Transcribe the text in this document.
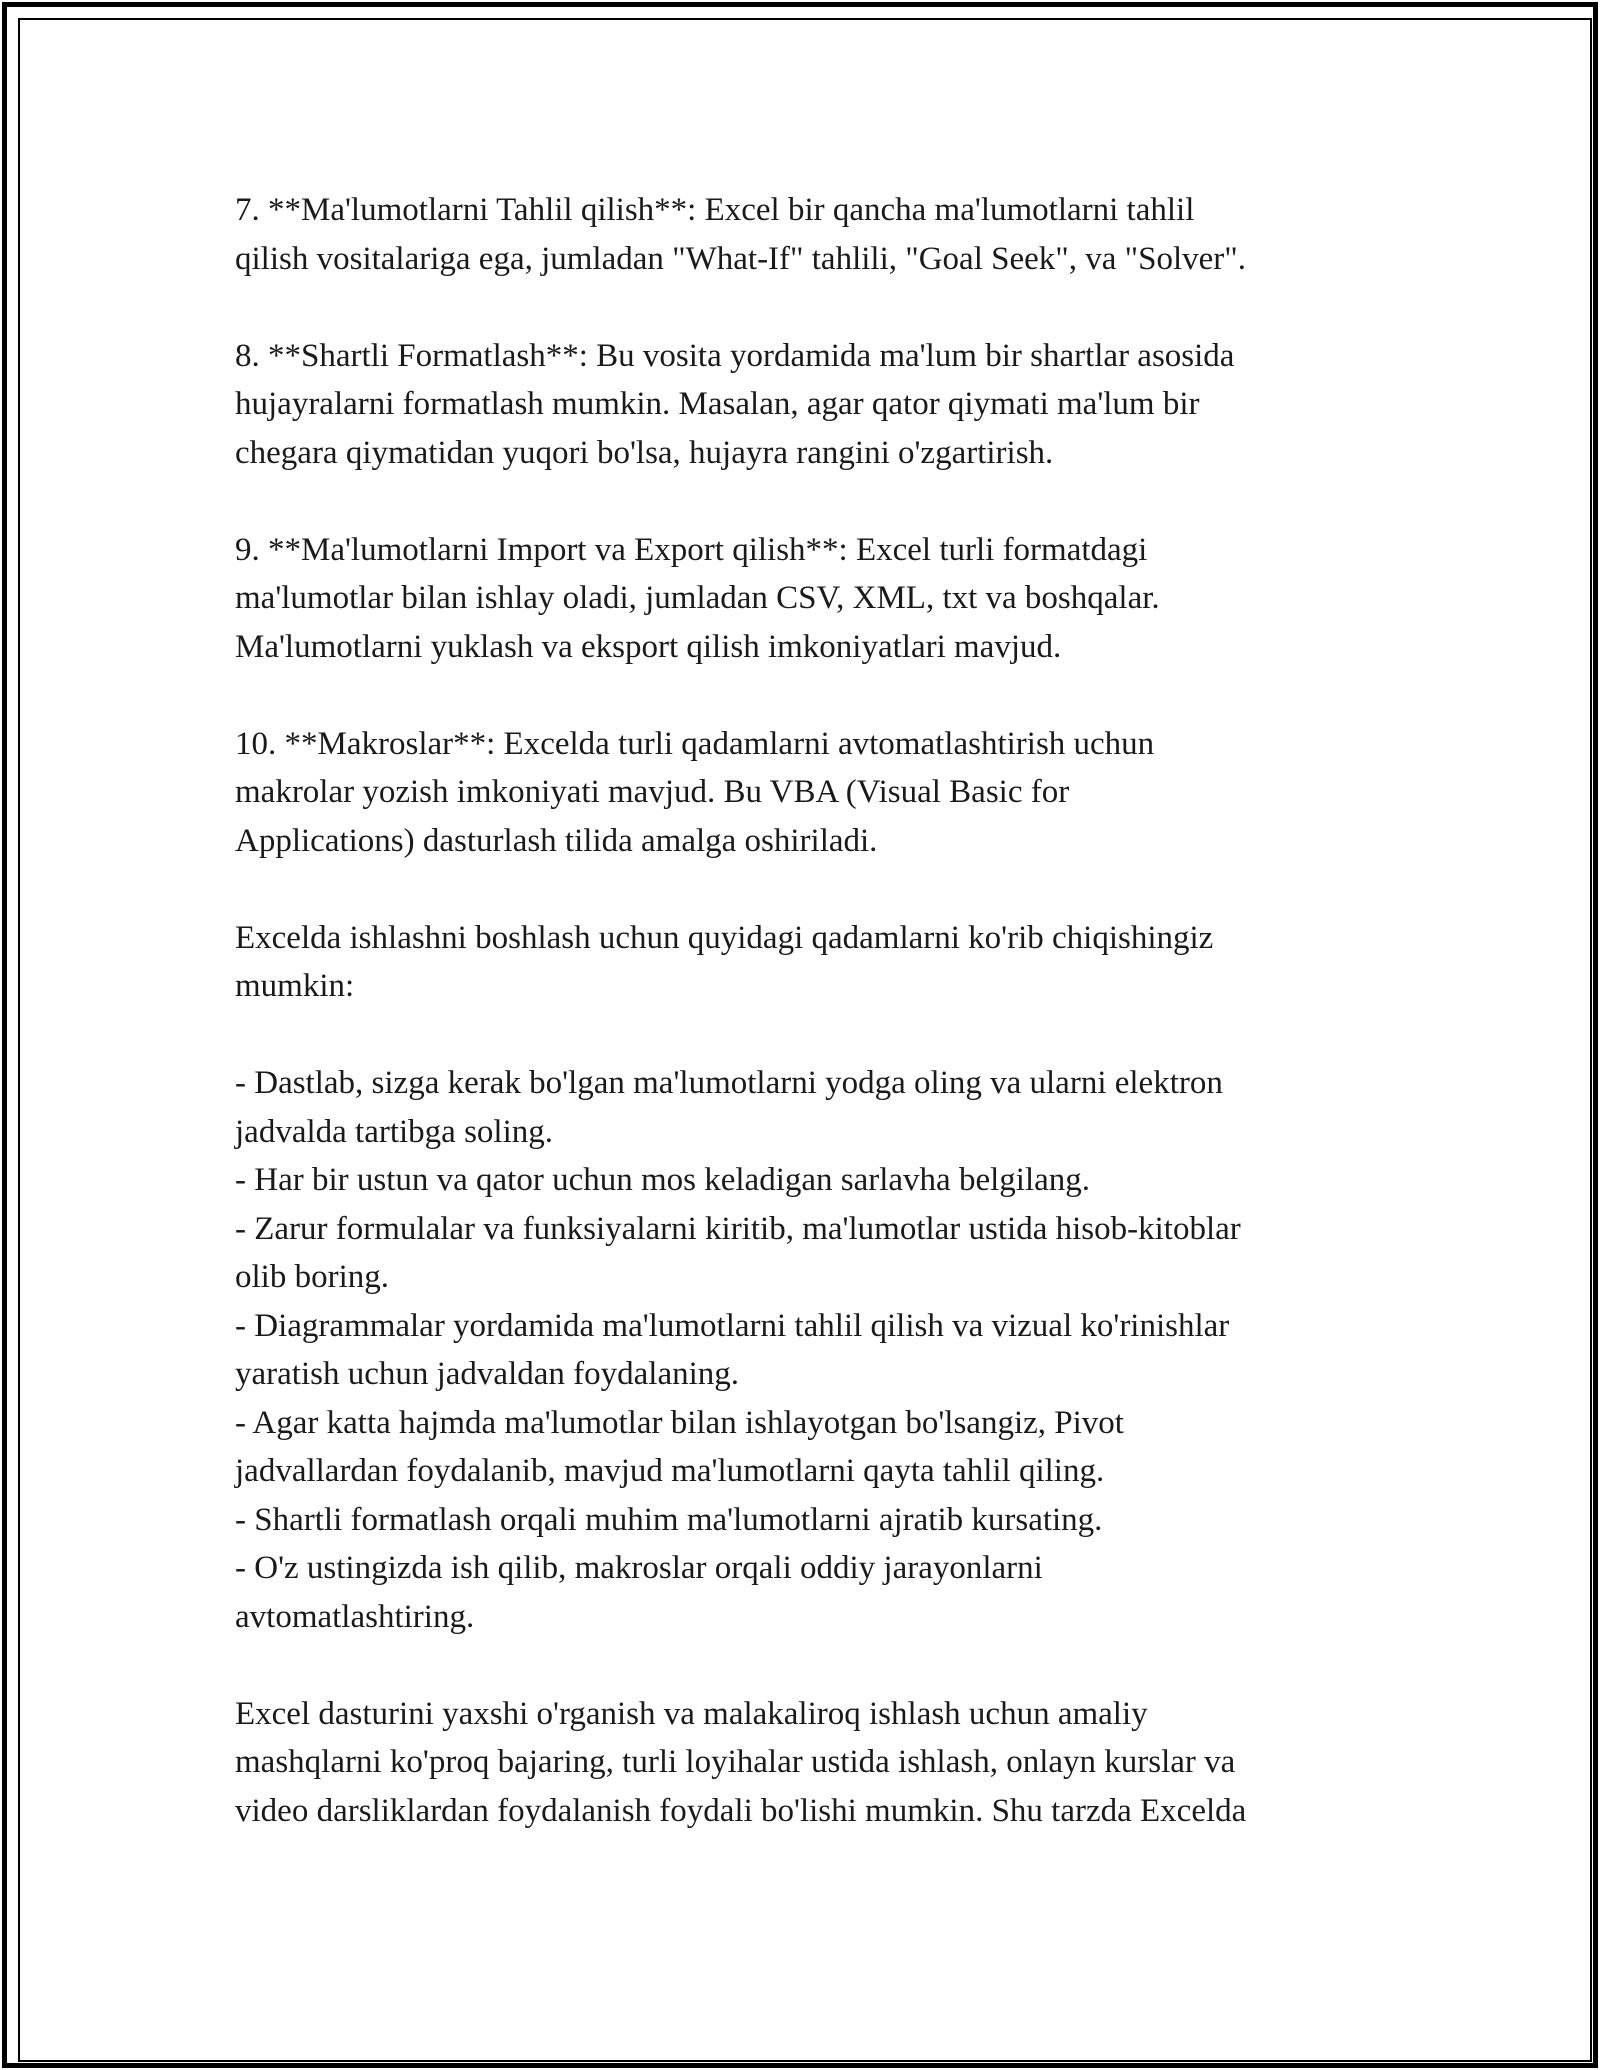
7. **Ma'lumotlarni Tahlil qilish**: Excel bir qancha ma'lumotlarni tahlil
qilish vositalariga ega, jumladan "What-If" tahlili, "Goal Seek", va "Solver".

8. **Shartli Formatlash**: Bu vosita yordamida ma'lum bir shartlar asosida
hujayralarni formatlash mumkin. Masalan, agar qator qiymati ma'lum bir
chegara qiymatidan yuqori bo'lsa, hujayra rangini o'zgartirish.

9. **Ma'lumotlarni Import va Export qilish**: Excel turli formatdagi
ma'lumotlar bilan ishlay oladi, jumladan CSV, XML, txt va boshqalar.
Ma'lumotlarni yuklash va eksport qilish imkoniyatlari mavjud.

10. **Makroslar**: Excelda turli qadamlarni avtomatlashtirish uchun
makrolar yozish imkoniyati mavjud. Bu VBA (Visual Basic for
Applications) dasturlash tilida amalga oshiriladi.

Excelda ishlashni boshlash uchun quyidagi qadamlarni ko'rib chiqishingiz
mumkin:

- Dastlab, sizga kerak bo'lgan ma'lumotlarni yodga oling va ularni elektron
jadvalda tartibga soling.

- Har bir ustun va qator uchun mos keladigan sarlavha belgilang.

- Zarur formulalar va funksiyalarni kiritib, ma'lumotlar ustida hisob-kitoblar
olib boring.

- Diagrammalar yordamida ma'lumotlarni tahlil qilish va vizual ko'rinishlar
yaratish uchun jadvaldan foydalaning.

- Agar katta hajmda ma'lumotlar bilan ishlayotgan bo'lsangiz, Pivot
jadvallardan foydalanib, mavjud ma'lumotlarni qayta tahlil qiling.

- Shartli formatlash orqali muhim ma'lumotlarni ajratib kursating.

- O'z ustingizda ish qilib, makroslar orqali oddiy jarayonlarni
avtomatlashtiring.

Excel dasturini yaxshi o'rganish va malakaliroq ishlash uchun amaliy
mashqlarni ko'proq bajaring, turli loyihalar ustida ishlash, onlayn kurslar va
video darsliklardan foydalanish foydali bo'lishi mumkin. Shu tarzda Excelda
